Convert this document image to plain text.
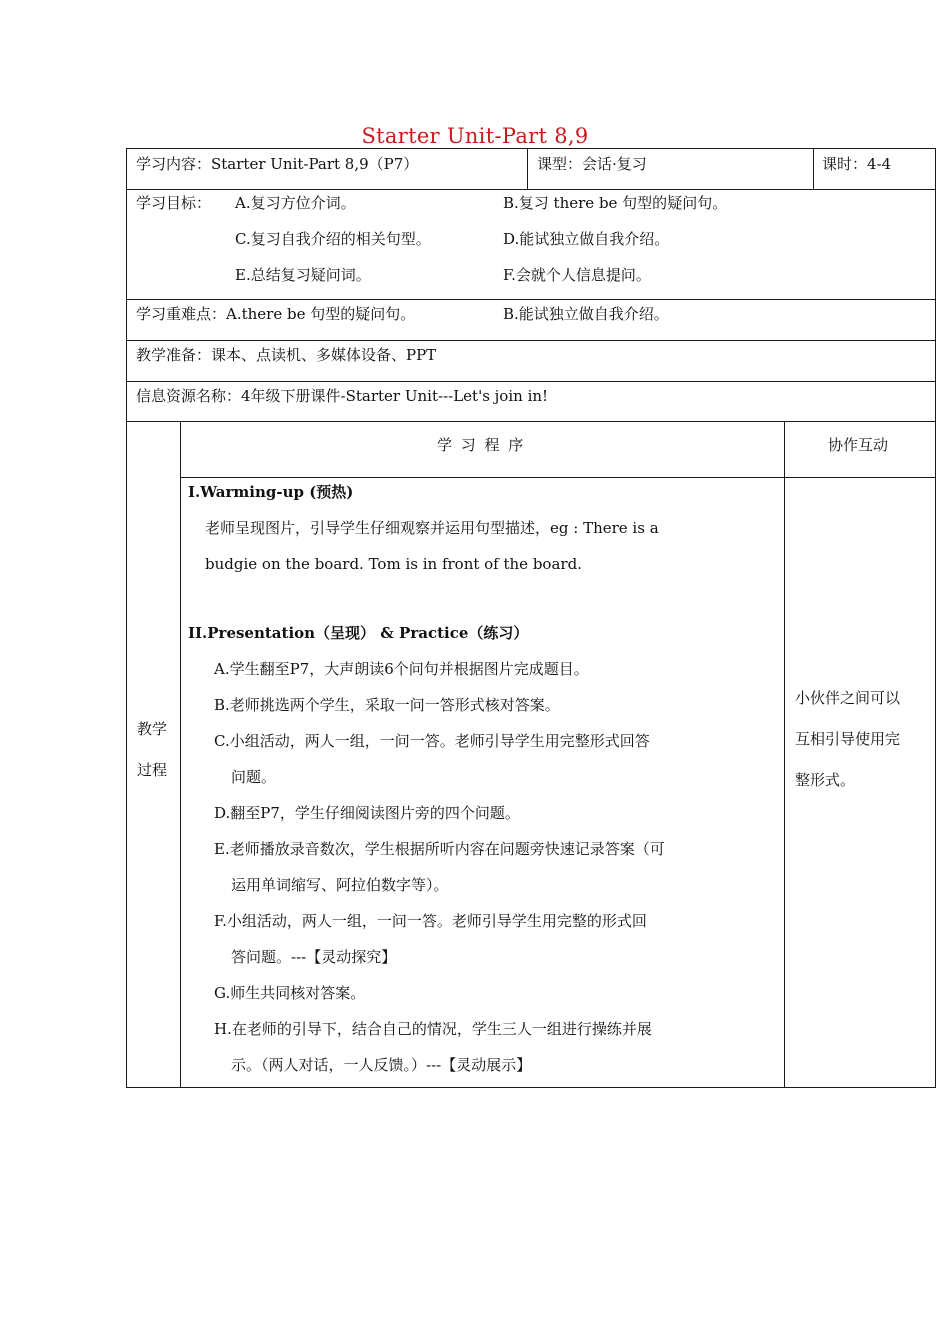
Starter Unit-Part 8,9
学习内容：Starter Unit-Part 8,9（P7）	课型：会话·复习	课时：4-4
学习目标： A.复习方位介词。	B.复习 there be 句型的疑问句。
C.复习自我介绍的相关句型。	D.能试独立做自我介绍。
E.总结复习疑问词。	F.会就个人信息提问。
学习重难点：A.there be 句型的疑问句。	B.能试独立做自我介绍。
教学准备：课本、点读机、多媒体设备、PPT
信息资源名称：4年级下册课件-Starter Unit---Let's join in!
教学
过程
学 习 程 序	协作互动
I.Warming-up (预热)
老师呈现图片，引导学生仔细观察并运用句型描述，eg : There is a
budgie on the board. Tom is in front of the board.
II.Presentation（呈现） & Practice（练习）
A.学生翻至P7，大声朗读6个问句并根据图片完成题目。
B.老师挑选两个学生，采取一问一答形式核对答案。
C.小组活动，两人一组，一问一答。老师引导学生用完整形式回答
问题。
D.翻至P7，学生仔细阅读图片旁的四个问题。
E.老师播放录音数次，学生根据所听内容在问题旁快速记录答案（可
运用单词缩写、阿拉伯数字等）。
F.小组活动，两人一组，一问一答。老师引导学生用完整的形式回
答问题。---【灵动探究】
G.师生共同核对答案。
H.在老师的引导下，结合自己的情况，学生三人一组进行操练并展
示。（两人对话，一人反馈。）---【灵动展示】
小伙伴之间可以
互相引导使用完
整形式。
